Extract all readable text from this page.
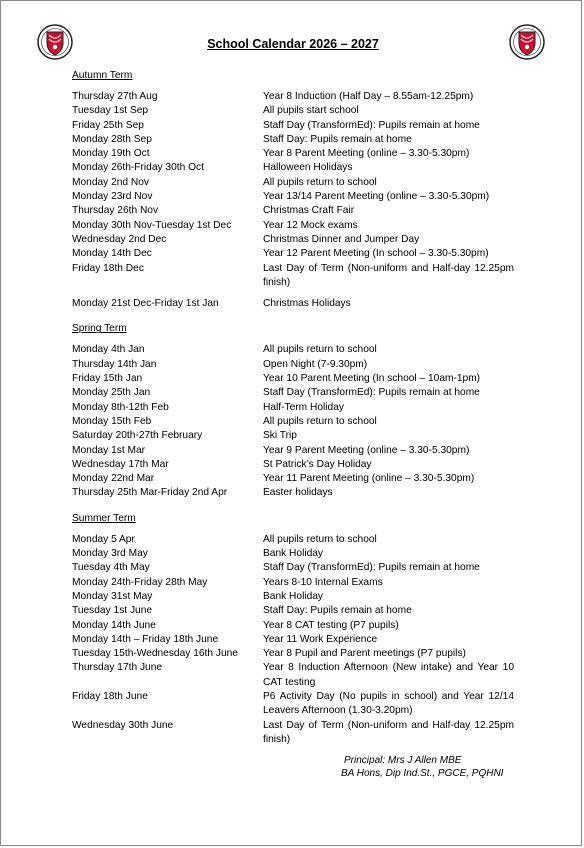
School Calendar 2026 – 2027
Autumn Term
Thursday 27th Aug	Year 8 Induction (Half Day – 8.55am-12.25pm)
Tuesday 1st Sep	All pupils start school
Friday 25th Sep	Staff Day (TransformEd): Pupils remain at home
Monday 28th Sep	Staff Day: Pupils remain at home
Monday 19th Oct	Year 8 Parent Meeting (online – 3.30-5.30pm)
Monday 26th-Friday 30th Oct	Halloween Holidays
Monday 2nd Nov	All pupils return to school
Monday 23rd Nov	Year 13/14 Parent Meeting (online – 3.30-5.30pm)
Thursday 26th Nov	Christmas Craft Fair
Monday 30th Nov-Tuesday 1st Dec	Year 12 Mock exams
Wednesday 2nd Dec	Christmas Dinner and Jumper Day
Monday 14th Dec	Year 12 Parent Meeting (In school – 3.30-5.30pm)
Friday 18th Dec	Last Day of Term (Non-uniform and Half-day 12.25pm finish)
Monday 21st Dec-Friday 1st Jan	Christmas Holidays
Spring Term
Monday 4th Jan	All pupils return to school
Thursday 14th Jan	Open Night (7-9.30pm)
Friday 15th Jan	Year 10 Parent Meeting (In school – 10am-1pm)
Monday 25th Jan	Staff Day (TransformEd): Pupils remain at home
Monday 8th-12th Feb	Half-Term Holiday
Monday 15th Feb	All pupils return to school
Saturday 20th-27th February	Ski Trip
Monday 1st Mar	Year 9 Parent Meeting (online – 3.30-5.30pm)
Wednesday 17th Mar	St Patrick’s Day Holiday
Monday 22nd Mar	Year 11 Parent Meeting (online – 3.30-5.30pm)
Thursday 25th Mar-Friday 2nd Apr	Easter holidays
Summer Term
Monday 5 Apr	All pupils return to school
Monday 3rd May	Bank Holiday
Tuesday 4th May	Staff Day (TransformEd): Pupils remain at home
Monday 24th-Friday 28th May	Years 8-10 Internal Exams
Monday 31st May	Bank Holiday
Tuesday 1st June	Staff Day: Pupils remain at home
Monday 14th June	Year 8 CAT testing (P7 pupils)
Monday 14th – Friday 18th June	Year 11 Work Experience
Tuesday 15th-Wednesday 16th June	Year 8 Pupil and Parent meetings (P7 pupils)
Thursday 17th June	Year 8 Induction Afternoon (New intake) and Year 10 CAT testing
Friday 18th June	P6 Activity Day (No pupils in school) and Year 12/14 Leavers Afternoon (1.30-3.20pm)
Wednesday 30th June	Last Day of Term (Non-uniform and Half-day 12.25pm finish)
Principal: Mrs J Allen MBE
BA Hons, Dip Ind.St., PGCE, PQHNI
